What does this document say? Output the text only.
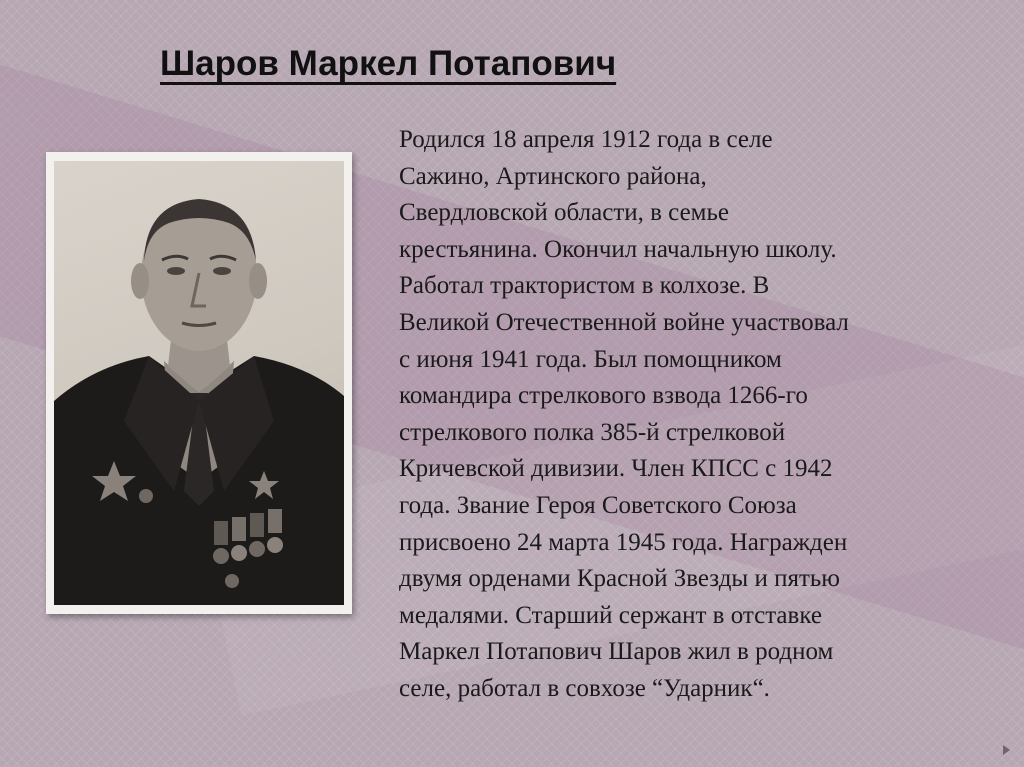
Шаров Маркел Потапович

Родился 18 апреля 1912 года в селе
Сажино, Артинского района,
Свердловской области, в семье
крестьянина. Окончил начальную школу.
Работал трактористом в колхозе. В
Великой Отечественной войне участвовал
с июня 1941 года. Был помощником
командира стрелкового взвода 1266-го
стрелкового полка 385-й стрелковой
Кричевской дивизии. Член КПСС с 1942
года. Звание Героя Советского Союза
присвоено 24 марта 1945 года. Награжден
двумя орденами Красной Звезды и пятью
медалями. Старший сержант в отставке
Маркел Потапович Шаров жил в родном
селе, работал в совхозе “Ударник“.
